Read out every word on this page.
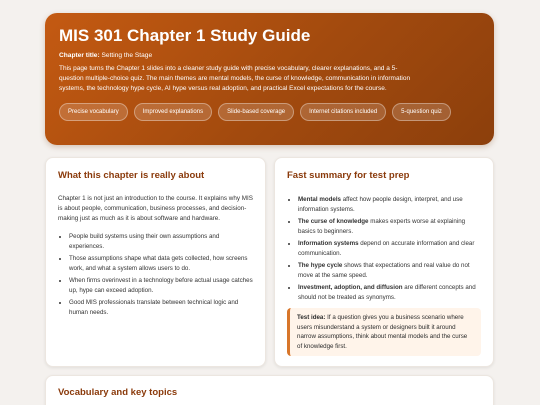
MIS 301 Chapter 1 Study Guide
Chapter title: Setting the Stage
This page turns the Chapter 1 slides into a cleaner study guide with precise vocabulary, clearer explanations, and a 5-question multiple-choice quiz. The main themes are mental models, the curse of knowledge, communication in information systems, the technology hype cycle, AI hype versus real adoption, and practical Excel expectations for the course.
Precise vocabulary	Improved explanations	Slide-based coverage	Internet citations included	5-question quiz
What this chapter is really about

Chapter 1 is not just an introduction to the course. It explains why MIS is about people, communication, business processes, and decision-making just as much as it is about software and hardware.

• People build systems using their own assumptions and experiences.
• Those assumptions shape what data gets collected, how screens work, and what a system allows users to do.
• When firms overinvest in a technology before actual usage catches up, hype can exceed adoption.
• Good MIS professionals translate between technical logic and human needs.
Fast summary for test prep
• Mental models affect how people design, interpret, and use information systems.
• The curse of knowledge makes experts worse at explaining basics to beginners.
• Information systems depend on accurate information and clear communication.
• The hype cycle shows that expectations and real value do not move at the same speed.
• Investment, adoption, and diffusion are different concepts and should not be treated as synonyms.
Test idea: If a question gives you a business scenario where users misunderstand a system or designers built it around narrow assumptions, think about mental models and the curse of knowledge first.
Vocabulary and key topics
